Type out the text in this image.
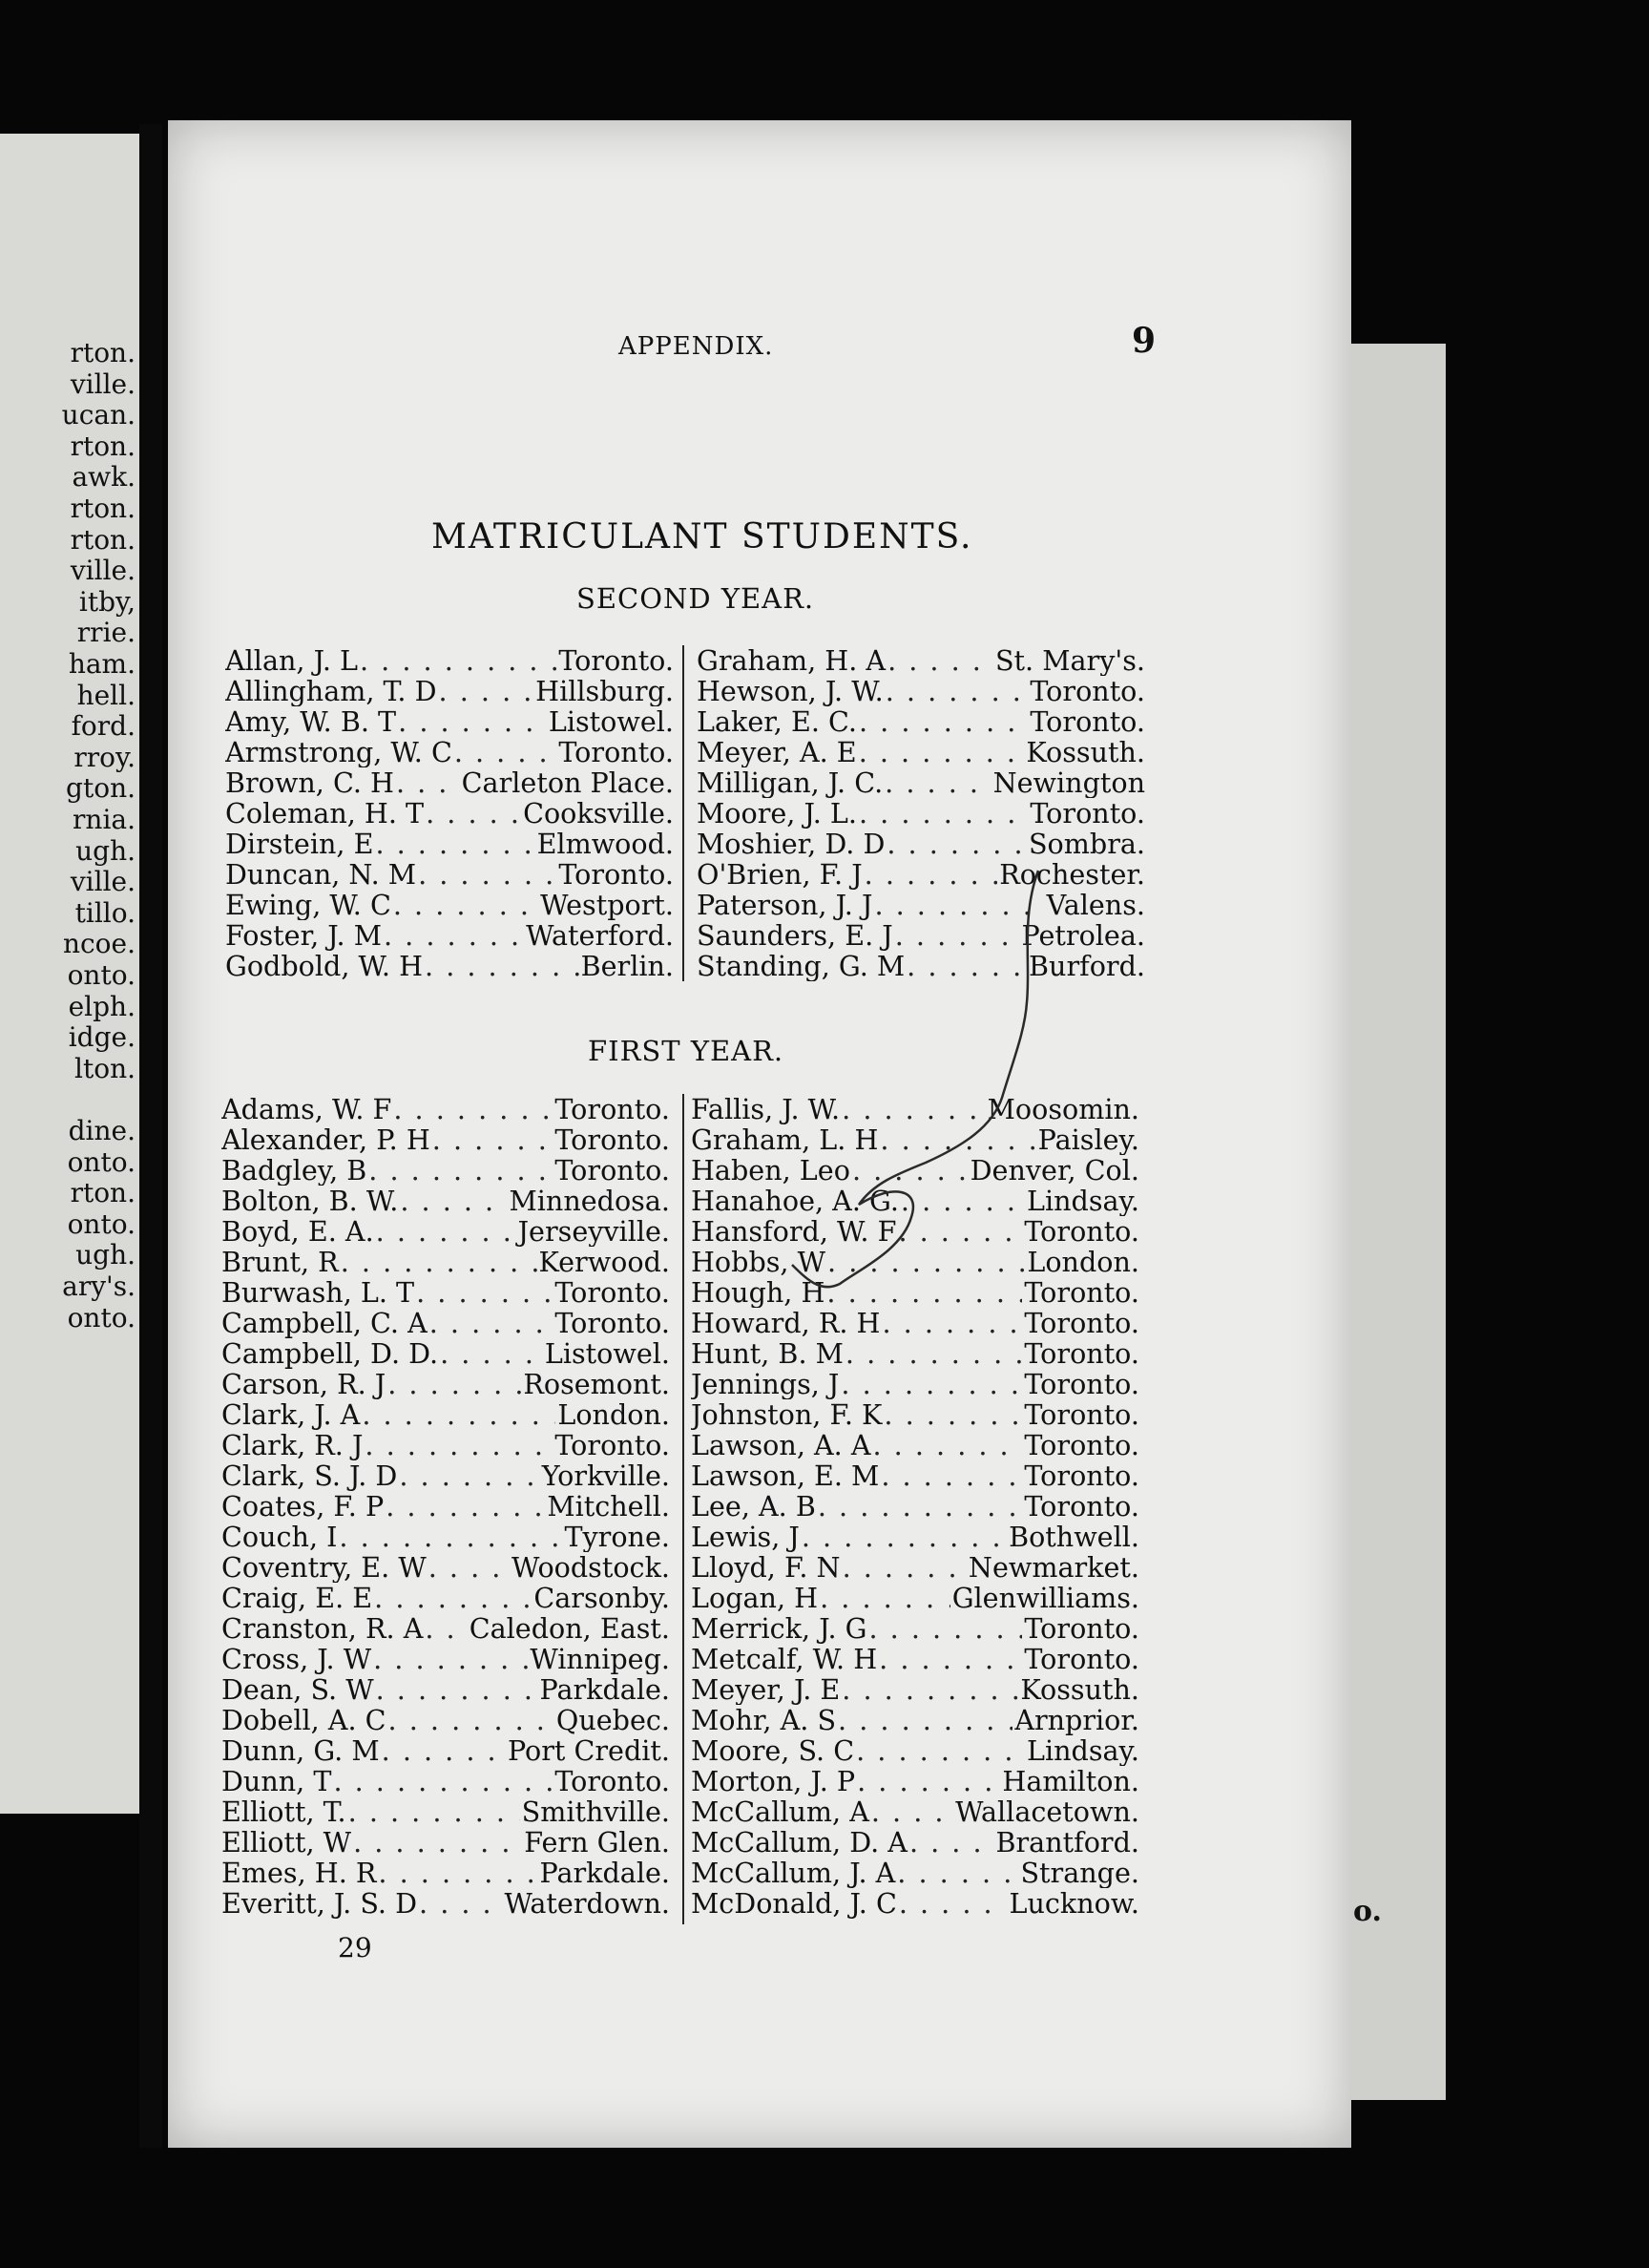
rton.
ville.
ucan.
rton.
awk.
rton.
rton.
ville.
itby,
rrie.
ham.
hell.
ford.
rroy.
gton.
rnia.
ugh.
ville.
tillo.
ncoe.
onto.
elph.
idge.
lton.
dine.
onto.
rton.
onto.
ugh.
ary's.
onto.
o.
APPENDIX.	9
MATRICULANT STUDENTS.
SECOND YEAR.
Allan, J. L . . .	Toronto.
Allingham, T. D . . .	Hillsburg.
Amy, W. B. T . . .	Listowel.
Armstrong, W. C . . .	Toronto.
Brown, C. H . . . Carleton Place.
Coleman, H. T . . .	Cooksville.
Dirstein, E . . .	Elmwood.
Duncan, N. M . . .	Toronto.
Ewing, W. C . . .	Westport.
Foster, J. M . . .	Waterford.
Godbold, W. H . . .	Berlin.
Graham, H. A . . .	St. Mary's.
Hewson, J. W. . . .	Toronto.
Laker, E. C. . . .	Toronto.
Meyer, A. E . . .	Kossuth.
Milligan, J. C. . . .	Newington
Moore, J. L. . . .	Toronto.
Moshier, D. D . . .	Sombra.
O'Brien, F. J . . .	Rochester.
Paterson, J. J . . .	Valens.
Saunders, E. J . . .	Petrolea.
Standing, G. M . . .	Burford.
FIRST YEAR.
Adams, W. F . . .	Toronto.
Alexander, P. H . . .	Toronto.
Badgley, B . . .	Toronto.
Bolton, B. W. . . .	Minnedosa.
Boyd, E. A. . . .	Jerseyville.
Brunt, R . . .	Kerwood.
Burwash, L. T . . .	Toronto.
Campbell, C. A . . .	Toronto.
Campbell, D. D. . . .	Listowel.
Carson, R. J . . .	Rosemont.
Clark, J. A . . .	London.
Clark, R. J . . .	Toronto.
Clark, S. J. D . . .	Yorkville.
Coates, F. P . . .	Mitchell.
Couch, I . . .	Tyrone.
Coventry, E. W . . .	Woodstock.
Craig, E. E . . .	Carsonby.
Cranston, R. A . . . Caledon, East.
Cross, J. W . . .	Winnipeg.
Dean, S. W . . .	Parkdale.
Dobell, A. C . . .	Quebec.
Dunn, G. M . . .	Port Credit.
Dunn, T . . .	Toronto.
Elliott, T. . . .	Smithville.
Elliott, W . . .	Fern Glen.
Emes, H. R . . .	Parkdale.
Everitt, J. S. D . . .	Waterdown.
Fallis, J. W. . . .	Moosomin.
Graham, L. H . . .	Paisley.
Haben, Leo . . .	Denver, Col.
Hanahoe, A. G. . . .	Lindsay.
Hansford, W. F . . .	Toronto.
Hobbs, W . . .	London.
Hough, H . . .	Toronto.
Howard, R. H . . .	Toronto.
Hunt, B. M . . .	Toronto.
Jennings, J . . .	Toronto.
Johnston, F. K . . .	Toronto.
Lawson, A. A . . .	Toronto.
Lawson, E. M . . .	Toronto.
Lee, A. B . . .	Toronto.
Lewis, J . . .	Bothwell.
Lloyd, F. N . . .	Newmarket.
Logan, H . . .	Glenwilliams.
Merrick, J. G . . .	Toronto.
Metcalf, W. H . . .	Toronto.
Meyer, J. E . . .	Kossuth.
Mohr, A. S . . .	Arnprior.
Moore, S. C . . .	Lindsay.
Morton, J. P . . .	Hamilton.
McCallum, A . . .	Wallacetown.
McCallum, D. A . . .	Brantford.
McCallum, J. A . . .	Strange.
McDonald, J. C . . .	Lucknow.
29
